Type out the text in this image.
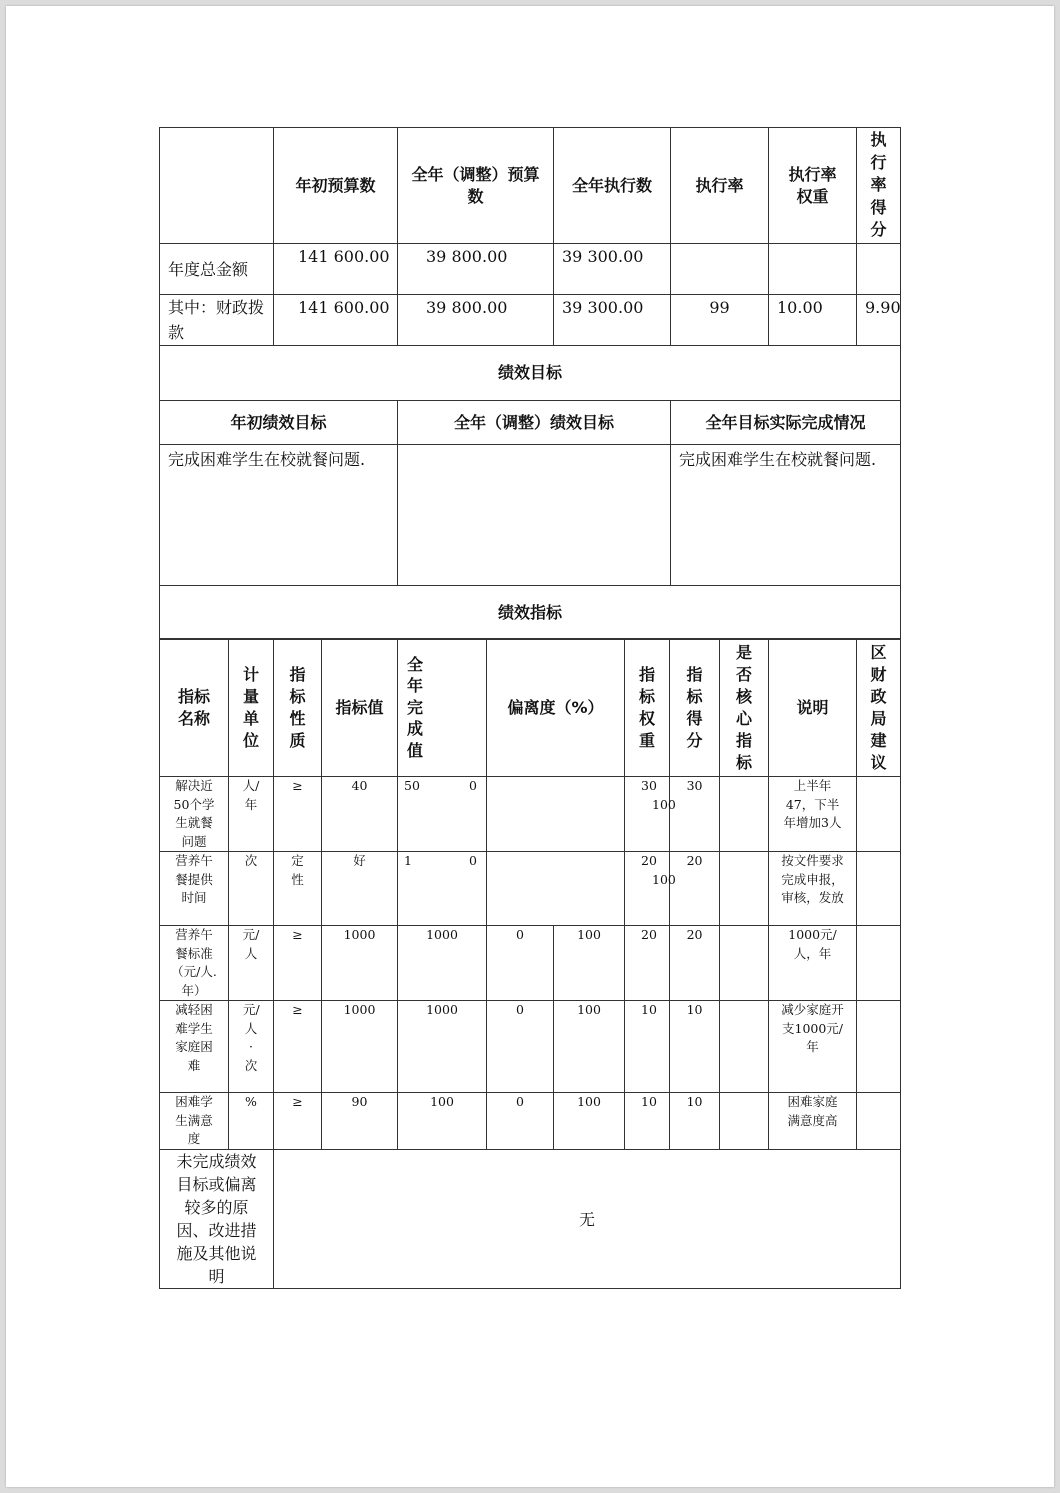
	年初预算数	全年（调整）预算数	全年执行数	执行率	执行率权重	执行率得分
年度总金额	141 600.00	39 800.00	39 300.00			
其中：财政拨款	141 600.00	39 800.00	39 300.00	99	10.00	9.90
绩效目标						
年初绩效目标		全年（调整）绩效目标		全年目标实际完成情况		
完成困难学生在校就餐问题.				完成困难学生在校就餐问题.		
绩效指标						
指标名称	计量单位	指标性质	指标值	全年完成值	偏离度（%）		指标权重	指标得分	是否核心指标	说明	区财政局建议
解决近50个学生就餐问题	人/年	≥	40	50	0 100		30	30		上半年47，下半年增加3人	
营养午餐提供时间	次	定性	好	1	0 100		20	20		按文件要求完成申报，审核，发放	
营养午餐标准（元/人.年）	元/人	≥	1000	1000	0	100	20	20		1000元/人，年	
减轻困难学生家庭困难	元/人·次	≥	1000	1000	0	100	10	10		减少家庭开支1000元/年	
困难学生满意度	%	≥	90	100	0	100	10	10		困难家庭满意度高	
未完成绩效目标或偏离较多的原因、改进措施及其他说明		无									
